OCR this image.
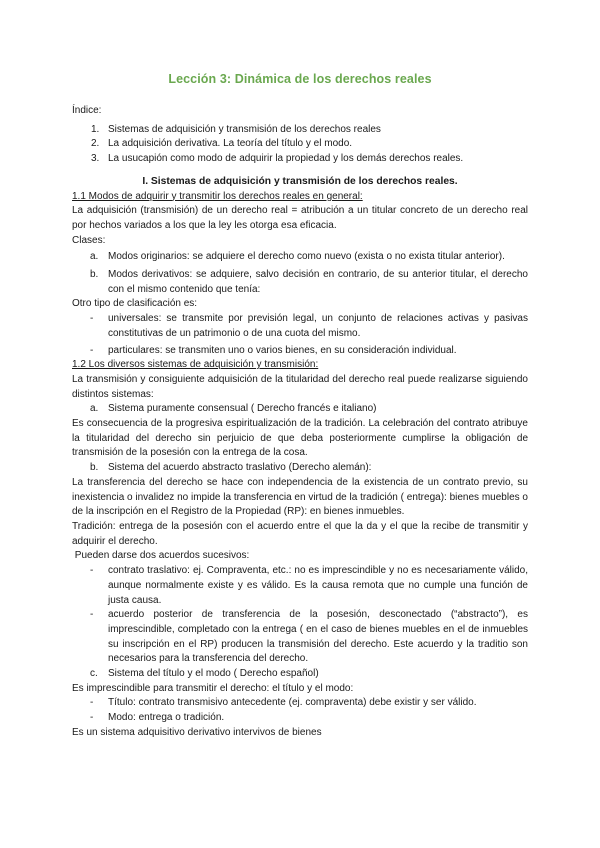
Lección 3: Dinámica de los derechos reales

Índice:

1. Sistemas de adquisición y transmisión de los derechos reales
2. La adquisición derivativa. La teoría del título y el modo.
3. La usucapión como modo de adquirir la propiedad y los demás derechos reales.

I. Sistemas de adquisición y transmisión de los derechos reales.

1.1 Modos de adquirir y transmitir los derechos reales en general:

La adquisición (transmisión) de un derecho real = atribución a un titular concreto de un derecho real por hechos variados a los que la ley les otorga esa eficacia.

Clases:

a. Modos originarios: se adquiere el derecho como nuevo (exista o no exista titular anterior).
b. Modos derivativos: se adquiere, salvo decisión en contrario, de su anterior titular, el derecho con el mismo contenido que tenía:

Otro tipo de clasificación es:

- universales: se transmite por previsión legal, un conjunto de relaciones activas y pasivas constitutivas de un patrimonio o de una cuota del mismo.
- particulares: se transmiten uno o varios bienes, en su consideración individual.

1.2 Los diversos sistemas de adquisición y transmisión:

La transmisión y consiguiente adquisición de la titularidad del derecho real puede realizarse siguiendo distintos sistemas:

a. Sistema puramente consensual ( Derecho francés e italiano)

Es consecuencia de la progresiva espiritualización de la tradición. La celebración del contrato atribuye la titularidad del derecho sin perjuicio de que deba posteriormente cumplirse la obligación de transmisión de la posesión con la entrega de la cosa.

b. Sistema del acuerdo abstracto traslativo (Derecho alemán):

La transferencia del derecho se hace con independencia de la existencia de un contrato previo, su inexistencia o invalidez no impide la transferencia en virtud de la tradición ( entrega): bienes muebles o de la inscripción en el Registro de la Propiedad (RP): en bienes inmuebles.

Tradición: entrega de la posesión con el acuerdo entre el que la da y el que la recibe de transmitir y adquirir el derecho.

Pueden darse dos acuerdos sucesivos:

- contrato traslativo: ej. Compraventa, etc.: no es imprescindible y no es necesariamente válido, aunque normalmente existe y es válido. Es la causa remota que no cumple una función de justa causa.
- acuerdo posterior de transferencia de la posesión, desconectado (“abstracto”), es imprescindible, completado con la entrega ( en el caso de bienes muebles en el de inmuebles su inscripción en el RP) producen la transmisión del derecho. Este acuerdo y la traditio son necesarios para la transferencia del derecho.
c. Sistema del título y el modo ( Derecho español)

Es imprescindible para transmitir el derecho: el título y el modo:

- Título: contrato transmisivo antecedente (ej. compraventa) debe existir y ser válido.
- Modo: entrega o tradición.

Es un sistema adquisitivo derivativo intervivos de bienes
